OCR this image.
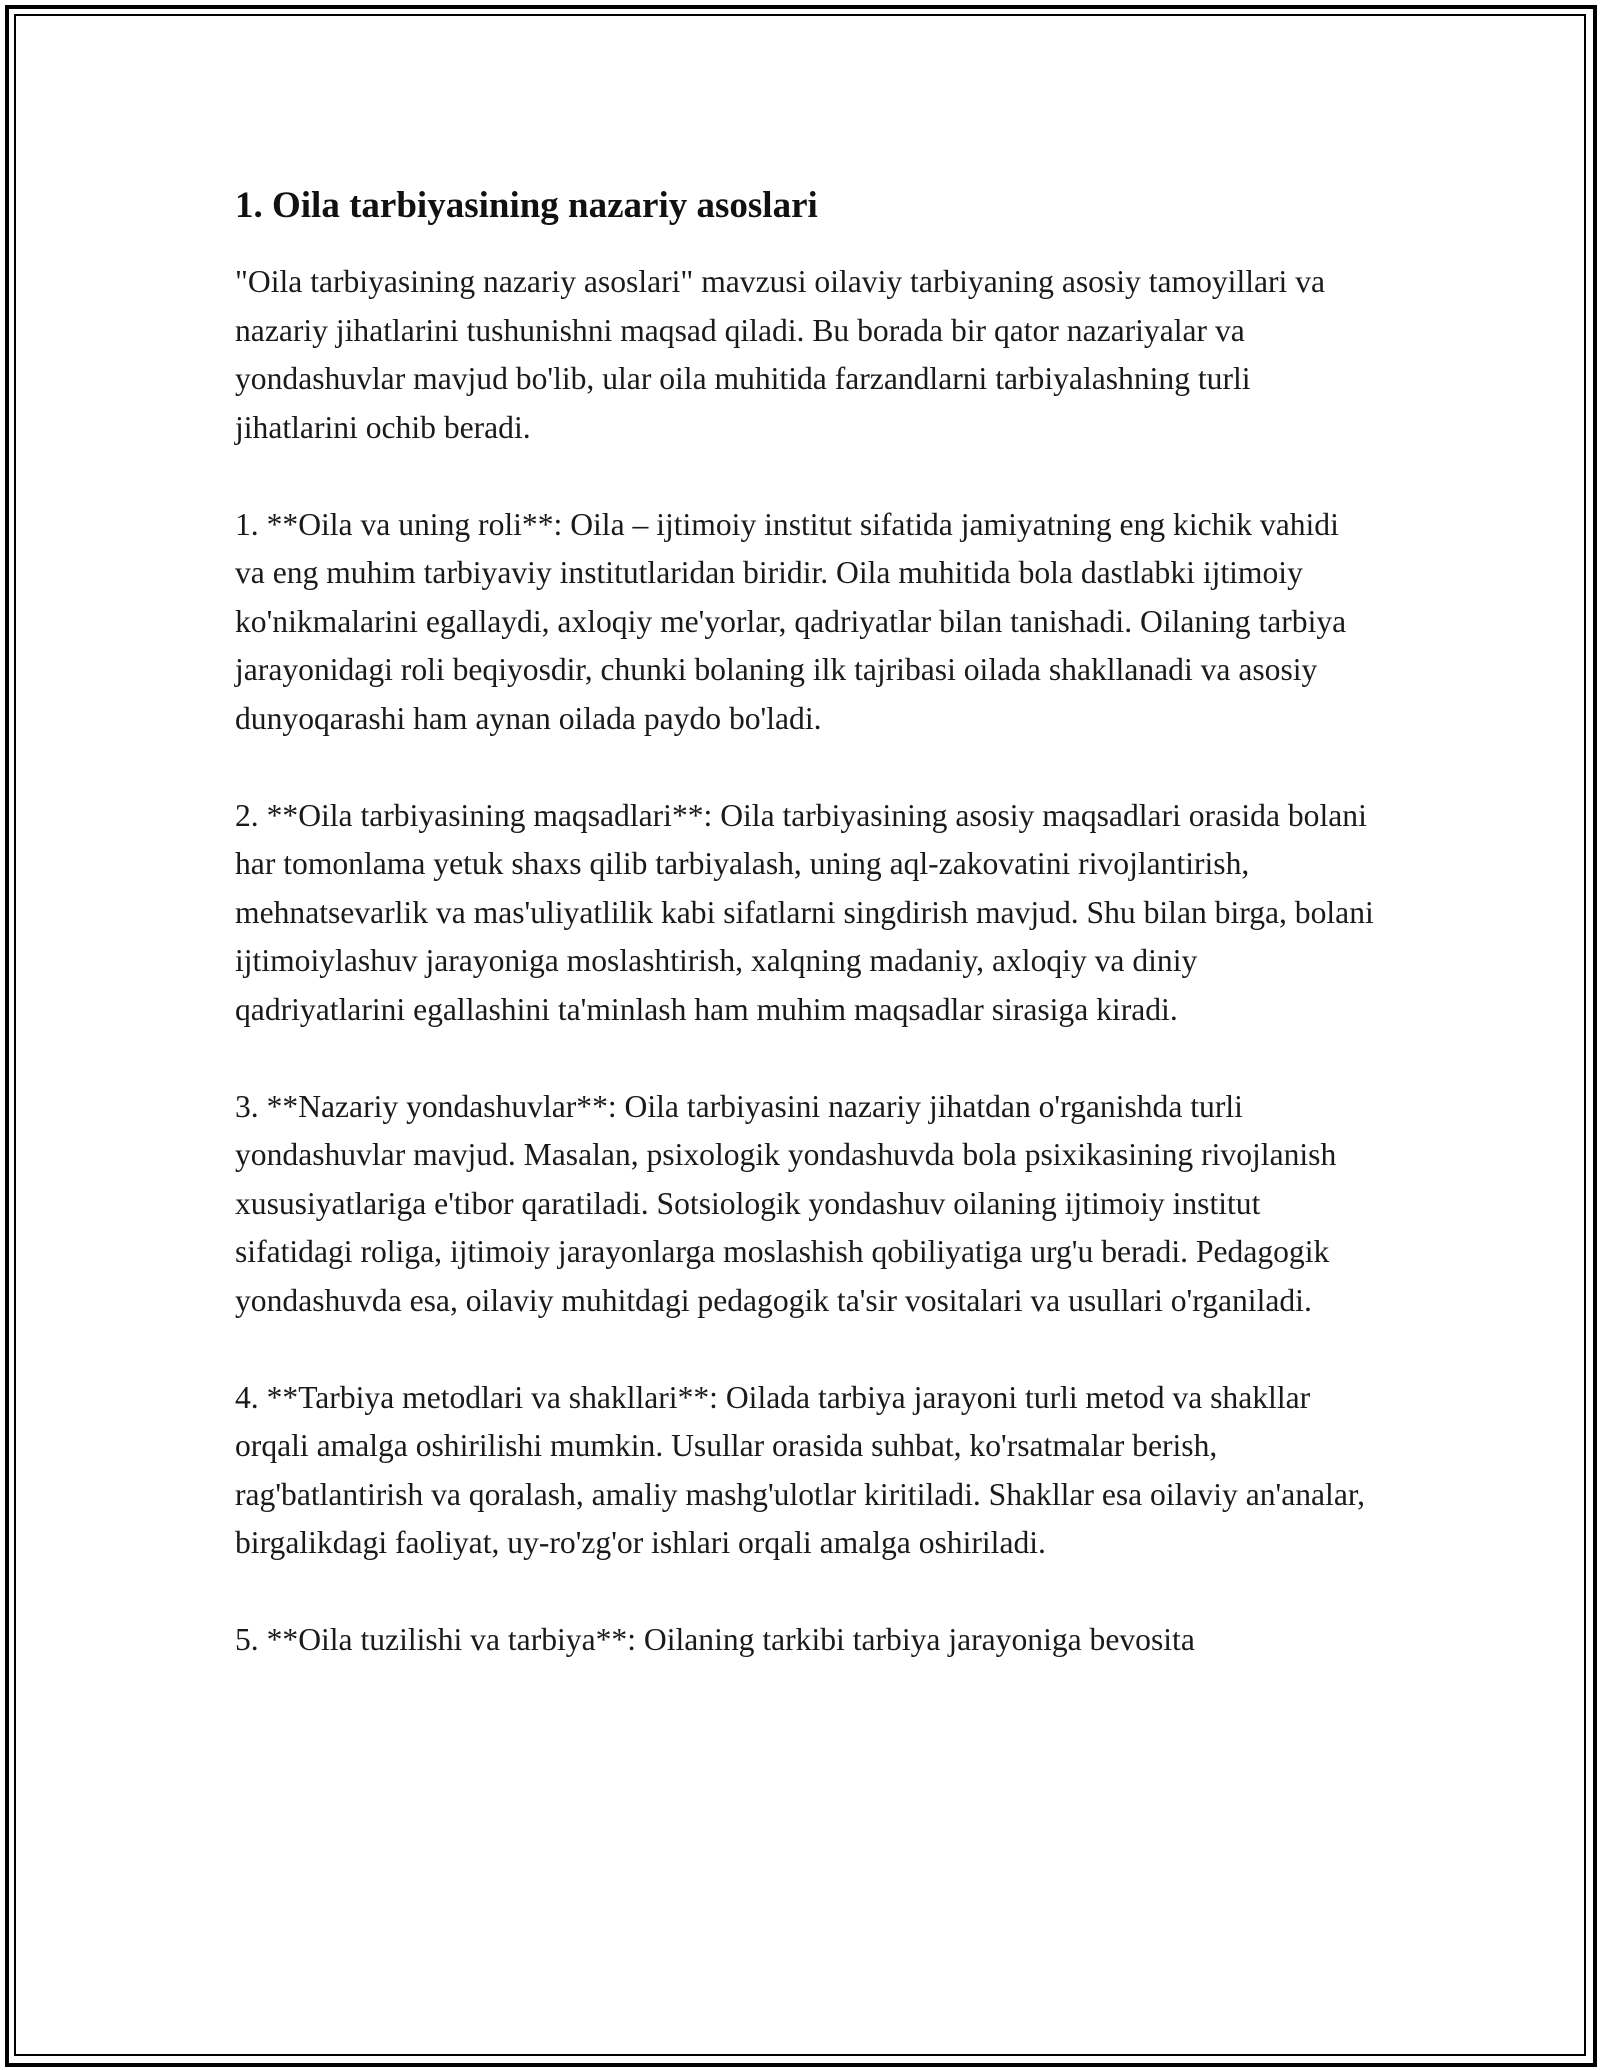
1. Oila tarbiyasining nazariy asoslari

"Oila tarbiyasining nazariy asoslari" mavzusi oilaviy tarbiyaning asosiy tamoyillari va nazariy jihatlarini tushunishni maqsad qiladi. Bu borada bir qator nazariyalar va yondashuvlar mavjud bo'lib, ular oila muhitida farzandlarni tarbiyalashning turli jihatlarini ochib beradi.

1. **Oila va uning roli**: Oila – ijtimoiy institut sifatida jamiyatning eng kichik vahidi va eng muhim tarbiyaviy institutlaridan biridir. Oila muhitida bola dastlabki ijtimoiy ko'nikmalarini egallaydi, axloqiy me'yorlar, qadriyatlar bilan tanishadi. Oilaning tarbiya jarayonidagi roli beqiyosdir, chunki bolaning ilk tajribasi oilada shakllanadi va asosiy dunyoqarashi ham aynan oilada paydo bo'ladi.

2. **Oila tarbiyasining maqsadlari**: Oila tarbiyasining asosiy maqsadlari orasida bolani har tomonlama yetuk shaxs qilib tarbiyalash, uning aql-zakovatini rivojlantirish, mehnatsevarlik va mas'uliyatlilik kabi sifatlarni singdirish mavjud. Shu bilan birga, bolani ijtimoiylashuv jarayoniga moslashtirish, xalqning madaniy, axloqiy va diniy qadriyatlarini egallashini ta'minlash ham muhim maqsadlar sirasiga kiradi.

3. **Nazariy yondashuvlar**: Oila tarbiyasini nazariy jihatdan o'rganishda turli yondashuvlar mavjud. Masalan, psixologik yondashuvda bola psixikasining rivojlanish xususiyatlariga e'tibor qaratiladi. Sotsiologik yondashuv oilaning ijtimoiy institut sifatidagi roliga, ijtimoiy jarayonlarga moslashish qobiliyatiga urg'u beradi. Pedagogik yondashuvda esa, oilaviy muhitdagi pedagogik ta'sir vositalari va usullari o'rganiladi.

4. **Tarbiya metodlari va shakllari**: Oilada tarbiya jarayoni turli metod va shakllar orqali amalga oshirilishi mumkin. Usullar orasida suhbat, ko'rsatmalar berish, rag'batlantirish va qoralash, amaliy mashg'ulotlar kiritiladi. Shakllar esa oilaviy an'analar, birgalikdagi faoliyat, uy-ro'zg'or ishlari orqali amalga oshiriladi.

5. **Oila tuzilishi va tarbiya**: Oilaning tarkibi tarbiya jarayoniga bevosita
